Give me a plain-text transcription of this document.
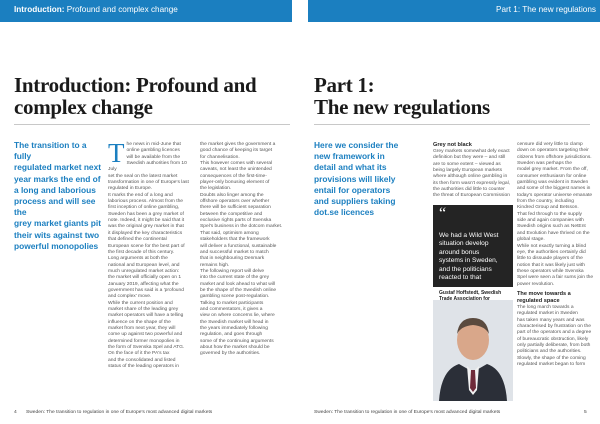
Introduction: Profound and complex change	Part 1: The new regulations
Introduction: Profound and
complex change
The transition to a fully
regulated market next
year marks the end of
a long and laborious
process and will see the
grey market giants pit
their wits against two
powerful monopolies
T he news in mid-June that
online gambling licences
will be available from the
Swedish authorities from 10 July
set the seal on the latest market
transformation in one of Europe's last
regulated in Europe.
It marks the end of a long and
laborious process. Almost from the
first inception of online gambling,
Sweden has been a grey market of
note. Indeed, it might be said that it
was the original grey market in that
it displayed the key characteristics
that defined the continental
European scene for the best part of
the first decade of this century.
Long arguments at both the
national and European level, and
much unregulated market action:
the market will officially open on 1
January 2019, affecting what the
government has said is a 'profound
and complex' move.
While the current position and
market share of the leading grey
market operators will have a telling
influence on the shape of the
market from next year, they will
come up against two powerful and
determined former monopolies in
the form of Svenska Spel and ATG.
On the face of it the PA's tax
and the consolidated and listed
status of the leading operators in
the market gives the government a
good chance of keeping its target
for channelisation.
This however comes with several
caveats, not least the unintended
consequences of the first-time-
player-only bonusing element of
the legislation.
Doubts also linger among the
offshore operators over whether
there will be sufficient separation
between the competitive and
exclusive rights parts of Svenska
Spel's business in the dotcom market.
That said, optimism among
stakeholders that the framework
will deliver a functional, sustainable
and successful market to match
that in neighbouring Denmark
remains high.
The following report will delve
into the current state of the grey
market and look ahead to what will
be the shape of the Swedish online
gambling scene post-regulation.
Talking to market participants
and commentators, it gives a
view on where concerns lie, where
the Swedish market will head in
the years immediately following
regulation, and goes through
some of the continuing arguments
about how the market should be
governed by the authorities.
4 Sweden: The transition to regulation in one of Europe's most advanced digital markets
Part 1:
The new regulations
Here we consider the
new framework in
detail and what its
provisions will likely
entail for operators
and suppliers taking
dot.se licences
Grey not black
Grey markets somewhat defy exact
definition but they were – and still
are to some extent – viewed as
being largely European markets
where although online gambling in
its then form wasn't expressly legal,
the authorities did little to counter
the threat of European Commission
“
We had a Wild West
situation develop
around bonus
systems in Sweden,
and the politicians
reacted to that
Gustaf Hoffstedt, Swedish
censure did very little to clamp
down on operators targeting their
citizens from offshore jurisdictions.
Sweden was perhaps the
model grey market. From the off,
consumer enthusiasm for online
gambling was evident in Sweden
and some of the biggest names in
today's operator universe emanate
from the country, including
Kindred Group and Betsson.
That fed through to the supply
side and again companies with
Swedish origins such as NetEnt
and Evolution have thrived on the
global stage.
While not exactly turning a blind
eye, the authorities certainly did
little to dissuade players of the
notion that it was likely just with
these operators while Svenska
Spel were seen a fair sums join the
power revolution.
The move towards a
regulated space
The long march towards a
regulated market in Sweden
has taken many years and was
characterised by frustration on the
part of the operators and a degree
of bureaucratic obstruction, likely
only partially deliberate, from both
politicians and the authorities.
Slowly, the shape of the coming
regulated market began to form
Sweden: The transition to regulation in one of Europe's most advanced digital markets	5
